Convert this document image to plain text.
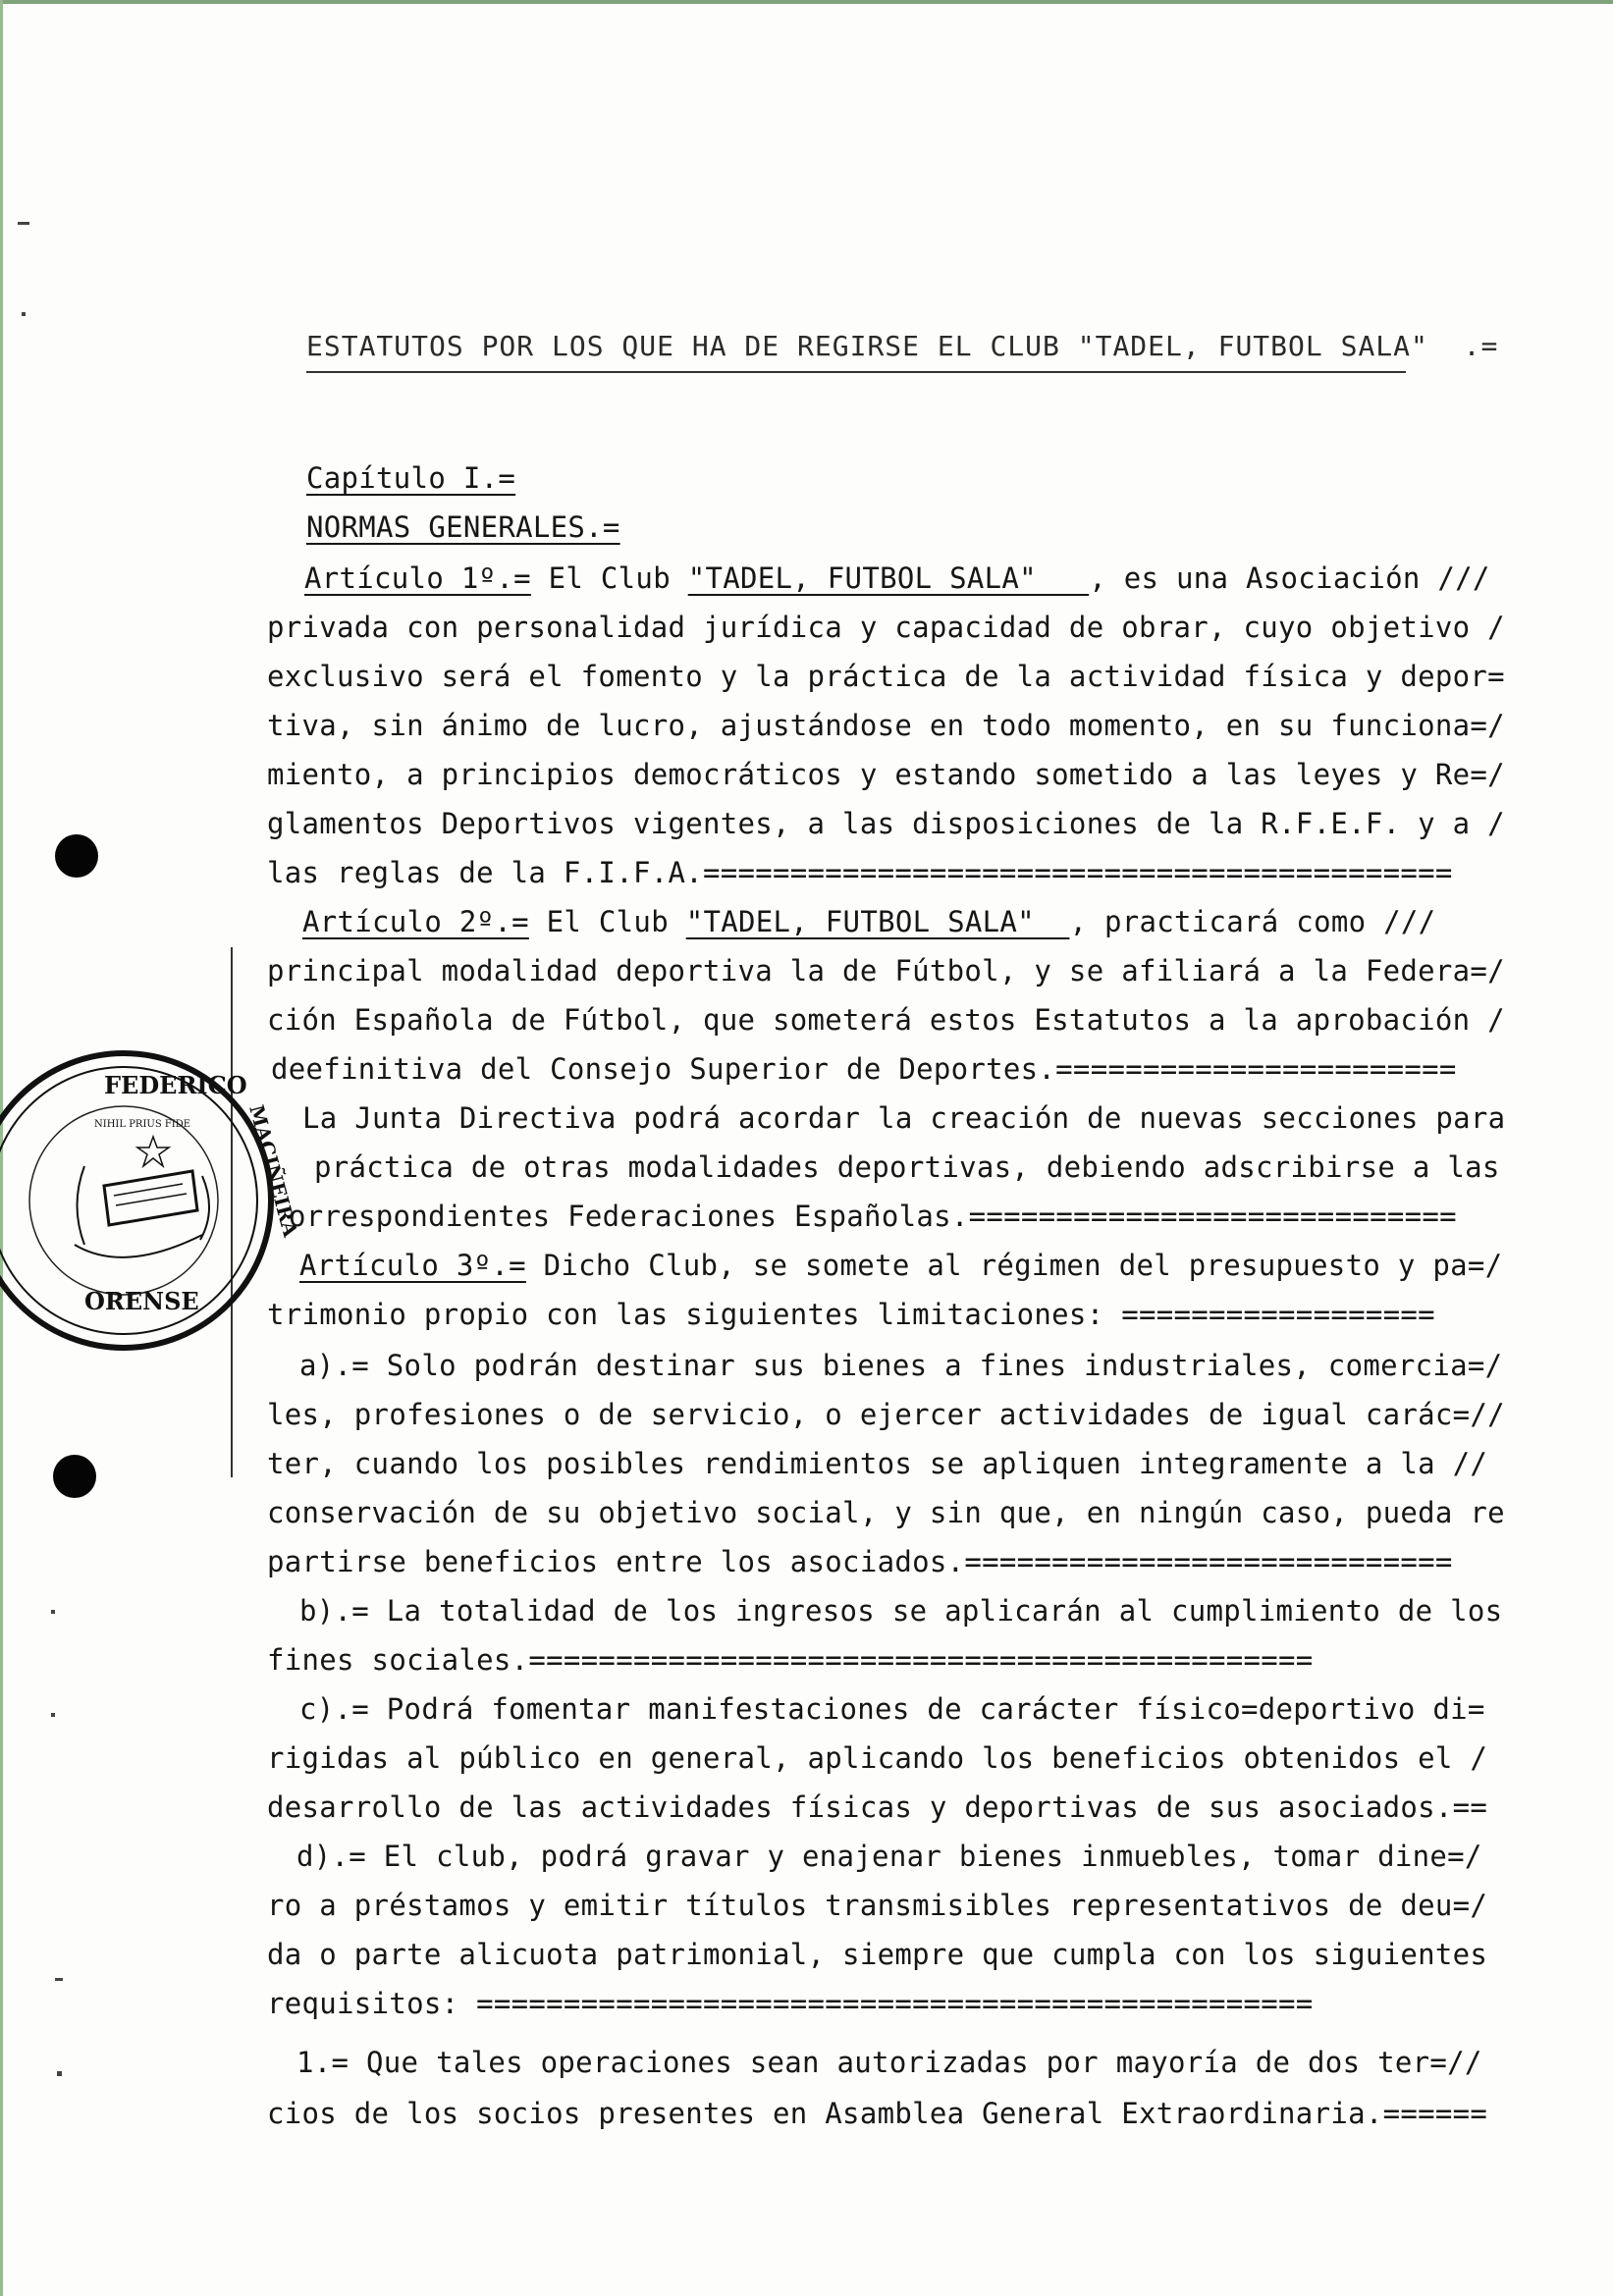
FEDERICO
NIHIL PRIUS FIDE
ORENSE
MACIÑEIRA
ESTATUTOS POR LOS QUE HA DE REGIRSE EL CLUB "TADEL, FUTBOL SALA"  .=
Capítulo I.=
NORMAS GENERALES.=
Artículo 1º.= El Club "TADEL, FUTBOL SALA"   , es una Asociación ///
privada con personalidad jurídica y capacidad de obrar, cuyo objetivo /
exclusivo será el fomento y la práctica de la actividad física y depor=
tiva, sin ánimo de lucro, ajustándose en todo momento, en su funciona=/
miento, a principios democráticos y estando sometido a las leyes y Re=/
glamentos Deportivos vigentes, a las disposiciones de la R.F.E.F. y a /
las reglas de la F.I.F.A.===========================================
Artículo 2º.= El Club "TADEL, FUTBOL SALA"  , practicará como ///
principal modalidad deportiva la de Fútbol, y se afiliará a la Federa=/
ción Española de Fútbol, que someterá estos Estatutos a la aprobación /
deefinitiva del Consejo Superior de Deportes.=======================
La Junta Directiva podrá acordar la creación de nuevas secciones para
práctica de otras modalidades deportivas, debiendo adscribirse a las
orrespondientes Federaciones Españolas.============================
Artículo 3º.= Dicho Club, se somete al régimen del presupuesto y pa=/
trimonio propio con las siguientes limitaciones: ==================
a).= Solo podrán destinar sus bienes a fines industriales, comercia=/
les, profesiones o de servicio, o ejercer actividades de igual carác=//
ter, cuando los posibles rendimientos se apliquen integramente a la //
conservación de su objetivo social, y sin que, en ningún caso, pueda re
partirse beneficios entre los asociados.============================
b).= La totalidad de los ingresos se aplicarán al cumplimiento de los
fines sociales.=============================================
c).= Podrá fomentar manifestaciones de carácter físico=deportivo di=
rigidas al público en general, aplicando los beneficios obtenidos el /
desarrollo de las actividades físicas y deportivas de sus asociados.==
d).= El club, podrá gravar y enajenar bienes inmuebles, tomar dine=/
ro a préstamos y emitir títulos transmisibles representativos de deu=/
da o parte alicuota patrimonial, siempre que cumpla con los siguientes
requisitos: ================================================
1.= Que tales operaciones sean autorizadas por mayoría de dos ter=//
cios de los socios presentes en Asamblea General Extraordinaria.======
